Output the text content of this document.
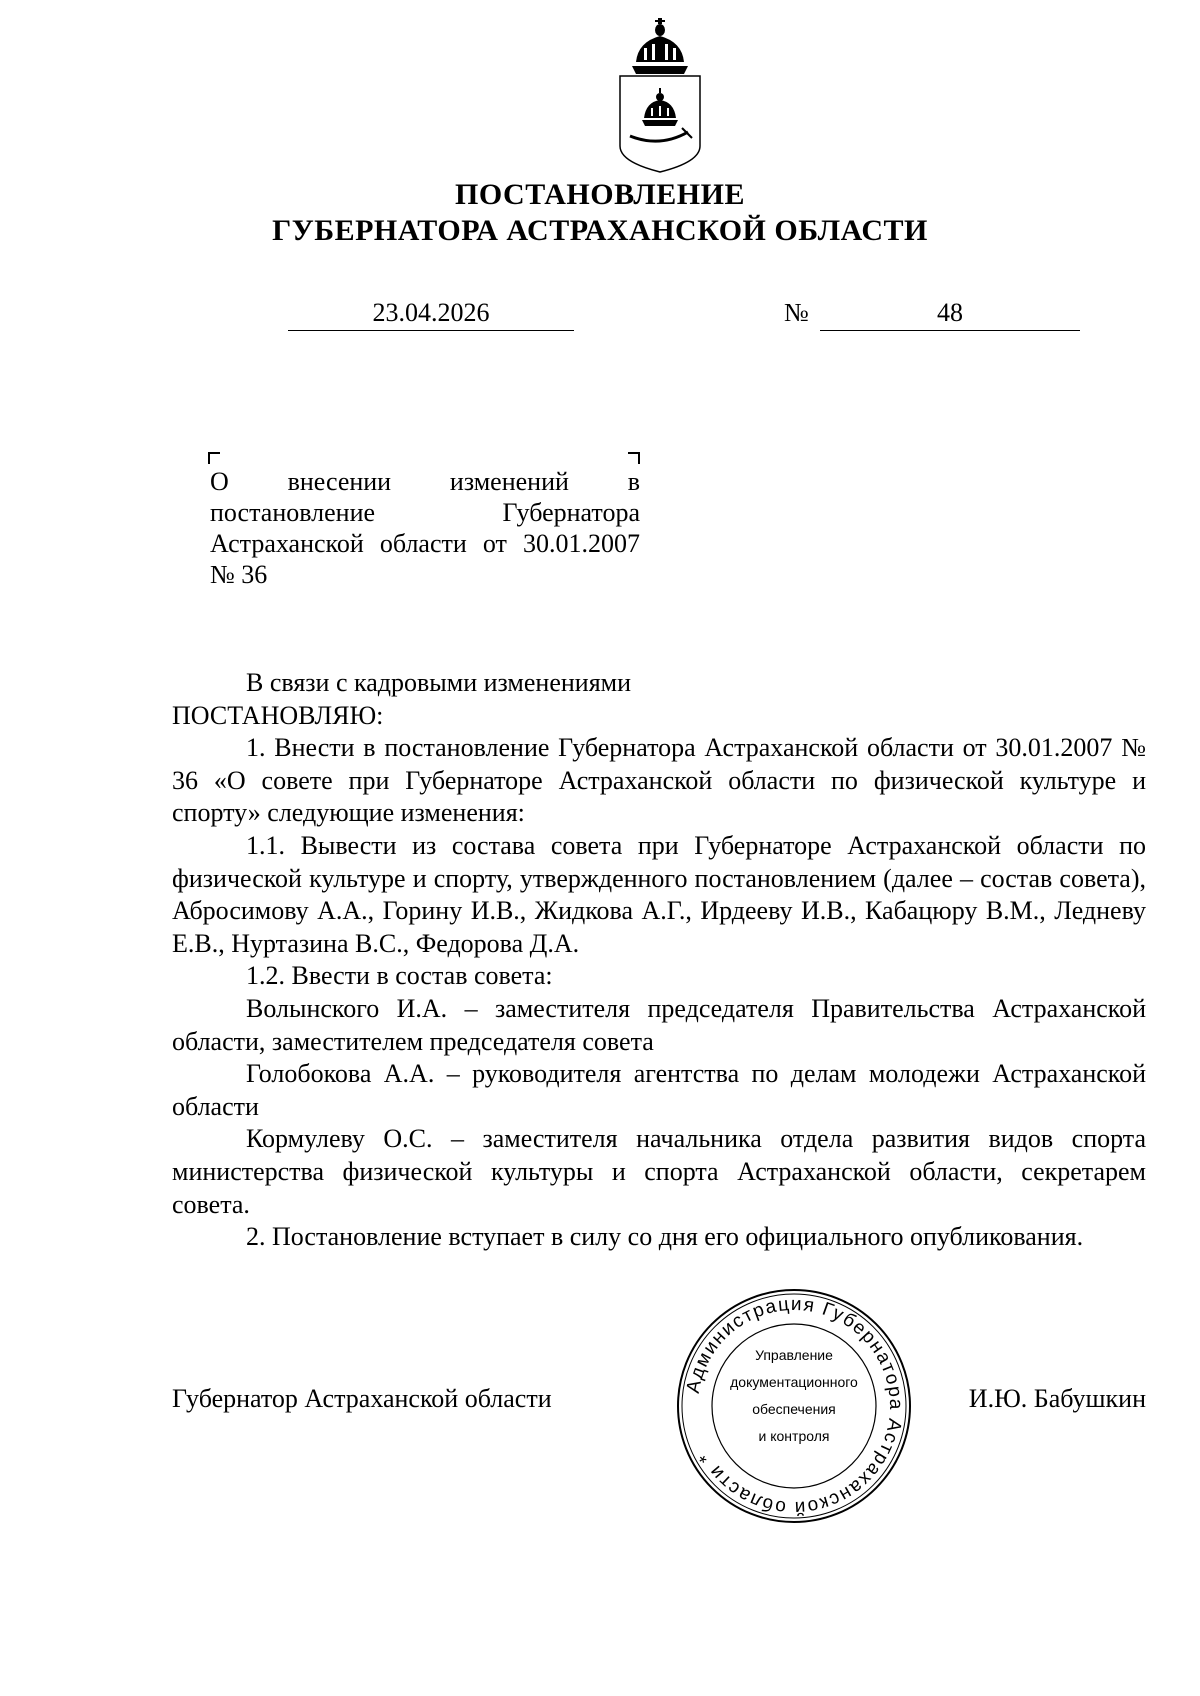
ПОСТАНОВЛЕНИЕ
ГУБЕРНАТОРА АСТРАХАНСКОЙ ОБЛАСТИ
23.04.2026	№	48
О внесении изменений в постановление Губернатора Астраханской области от 30.01.2007 № 36

В связи с кадровыми изменениями

ПОСТАНОВЛЯЮ:

1. Внести в постановление Губернатора Астраханской области от 30.01.2007 № 36 «О совете при Губернаторе Астраханской области по физической культуре и спорту» следующие изменения:

1.1. Вывести из состава совета при Губернаторе Астраханской области по физической культуре и спорту, утвержденного постановлением (далее – состав совета), Абросимову А.А., Горину И.В., Жидкова А.Г., Ирдееву И.В., Кабацюру В.М., Ледневу Е.В., Нуртазина В.С., Федорова Д.А.

1.2. Ввести в состав совета:

Волынского И.А. – заместителя председателя Правительства Астраханской области, заместителем председателя совета

Голобокова А.А. – руководителя агентства по делам молодежи Астраханской области

Кормулеву О.С. – заместителя начальника отдела развития видов спорта министерства физической культуры и спорта Астраханской области, секретарем совета.

2. Постановление вступает в силу со дня его официального опубликования.

Губернатор Астраханской области	Администрация Губернатора Астраханской области *
Управление
документационного
обеспечения
и контроля
И.Ю. Бабушкин
